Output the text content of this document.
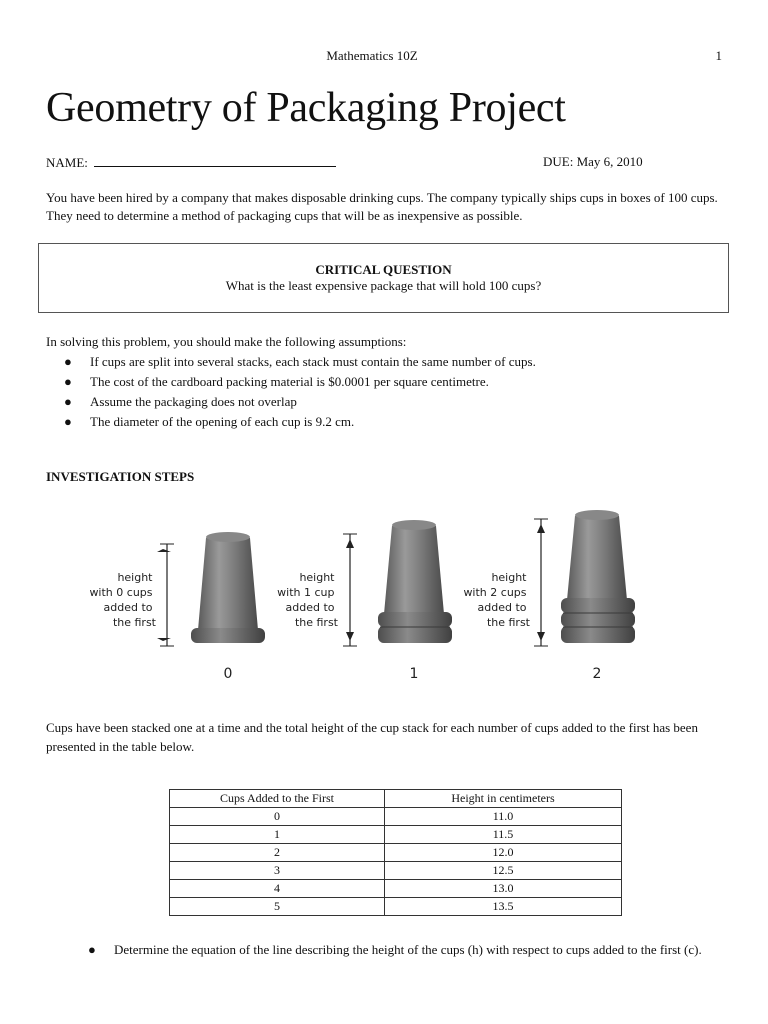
Mathematics 10Z	1
Geometry of Packaging Project
NAME:	DUE: May 6, 2010
You have been hired by a company that makes disposable drinking cups. The company typically ships cups in boxes of 100 cups. They need to determine a method of packaging cups that will be as inexpensive as possible.
CRITICAL QUESTION
What is the least expensive package that will hold 100 cups?
In solving this problem, you should make the following assumptions:
● If cups are split into several stacks, each stack must contain the same number of cups.
● The cost of the cardboard packing material is $0.0001 per square centimetre.
● Assume the packaging does not overlap
● The diameter of the opening of each cup is 9.2 cm.
INVESTIGATION STEPS
height with 0 cups added to the first
0
height with 1 cup added to the first
1
height with 2 cups added to the first
2
Cups have been stacked one at a time and the total height of the cup stack for each number of cups added to the first has been presented in the table below.
Cups Added to the First	Height in centimeters
0	11.0
1	11.5
2	12.0
3	12.5
4	13.0
5	13.5
● Determine the equation of the line describing the height of the cups (h) with respect to cups added to the first (c).
